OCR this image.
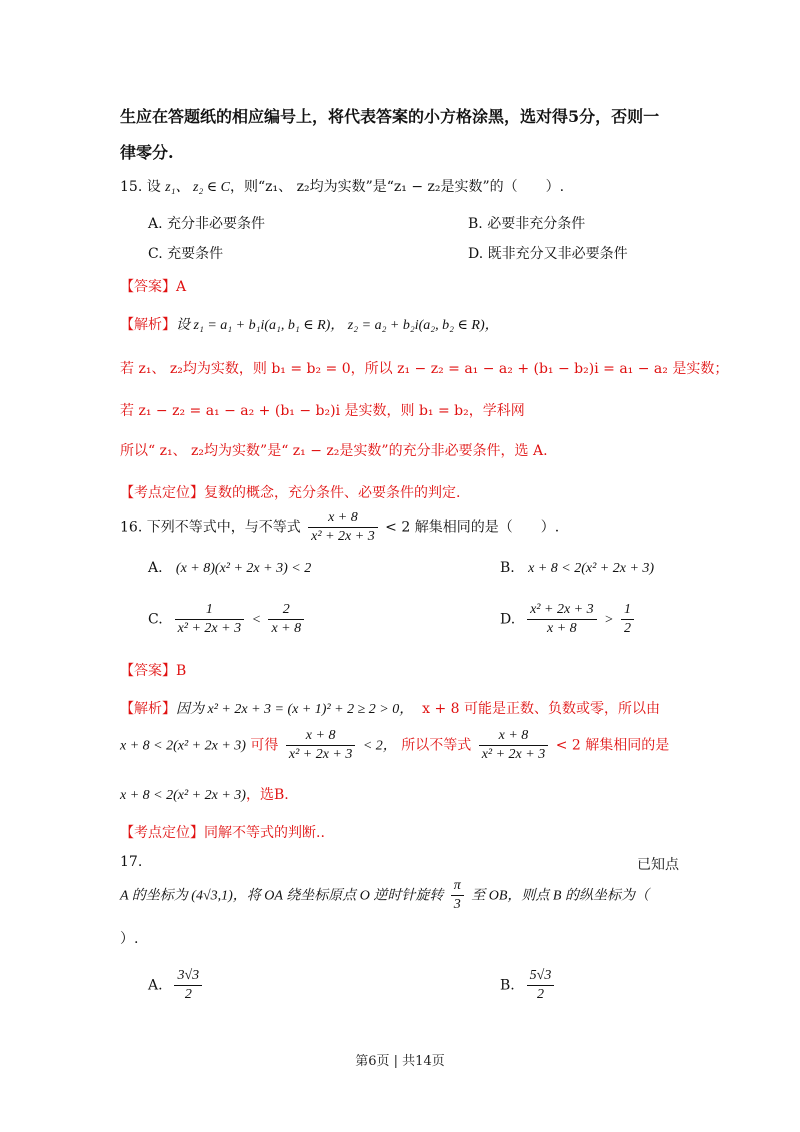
生应在答题纸的相应编号上，将代表答案的小方格涂黑，选对得5分，否则一
律零分.
15. 设 z₁、 z₂ ∈ C，则“z₁、 z₂均为实数”是“z₁ − z₂是实数”的（　　）.
A. 充分非必要条件	B. 必要非充分条件
C. 充要条件	D. 既非充分又非必要条件
【答案】A
【解析】设 z₁ = a₁ + b₁i(a₁, b₁ ∈ R)， z₂ = a₂ + b₂i(a₂, b₂ ∈ R)，
若 z₁、 z₂均为实数，则 b₁ = b₂ = 0，所以 z₁ − z₂ = a₁ − a₂ + (b₁ − b₂)i = a₁ − a₂ 是实数；
若 z₁ − z₂ = a₁ − a₂ + (b₁ − b₂)i 是实数，则 b₁ = b₂，学科网
所以“ z₁、 z₂均为实数”是“ z₁ − z₂是实数”的充分非必要条件，选 A.
【考点定位】复数的概念，充分条件、必要条件的判定.
16. 下列不等式中，与不等式 $\frac{x + 8}{\text{x² + 2x + 3}} < 2$ 解集相同的是（　　）.
A. (x + 8)(x² + 2x + 3) < 2	B. x + 8 < 2(x² + 2x + 3)
C. $\frac{1}{\text{x² + 2x + 3}} < \frac{2}{x + 8}$	D. $\frac{\text{x² + 2x + 3}}{x + 8} > \frac{1}{2}$
【答案】B
【解析】因为 x² + 2x + 3 = (x + 1)² + 2 ≥ 2 > 0， x + 8 可能是正数、负数或零，所以由
x + 8 < 2(x² + 2x + 3) 可得 $\frac{x + 8}{\text{x² + 2x + 3}} < 2$， 所以不等式 $\frac{x + 8}{\text{x² + 2x + 3}} < 2$ 解集相同的是
x + 8 < 2(x² + 2x + 3)，选B.
【考点定位】同解不等式的判断..
17.	已知点
A 的坐标为 (4√3,1)，将 OA 绕坐标原点 O 逆时针旋转 $\frac{\pi}{3}$ 至 OB，则点 B 的纵坐标为（
）.
A. $\frac{3√3}{2}$	B. $\frac{5√3}{2}$
第6页 | 共14页
